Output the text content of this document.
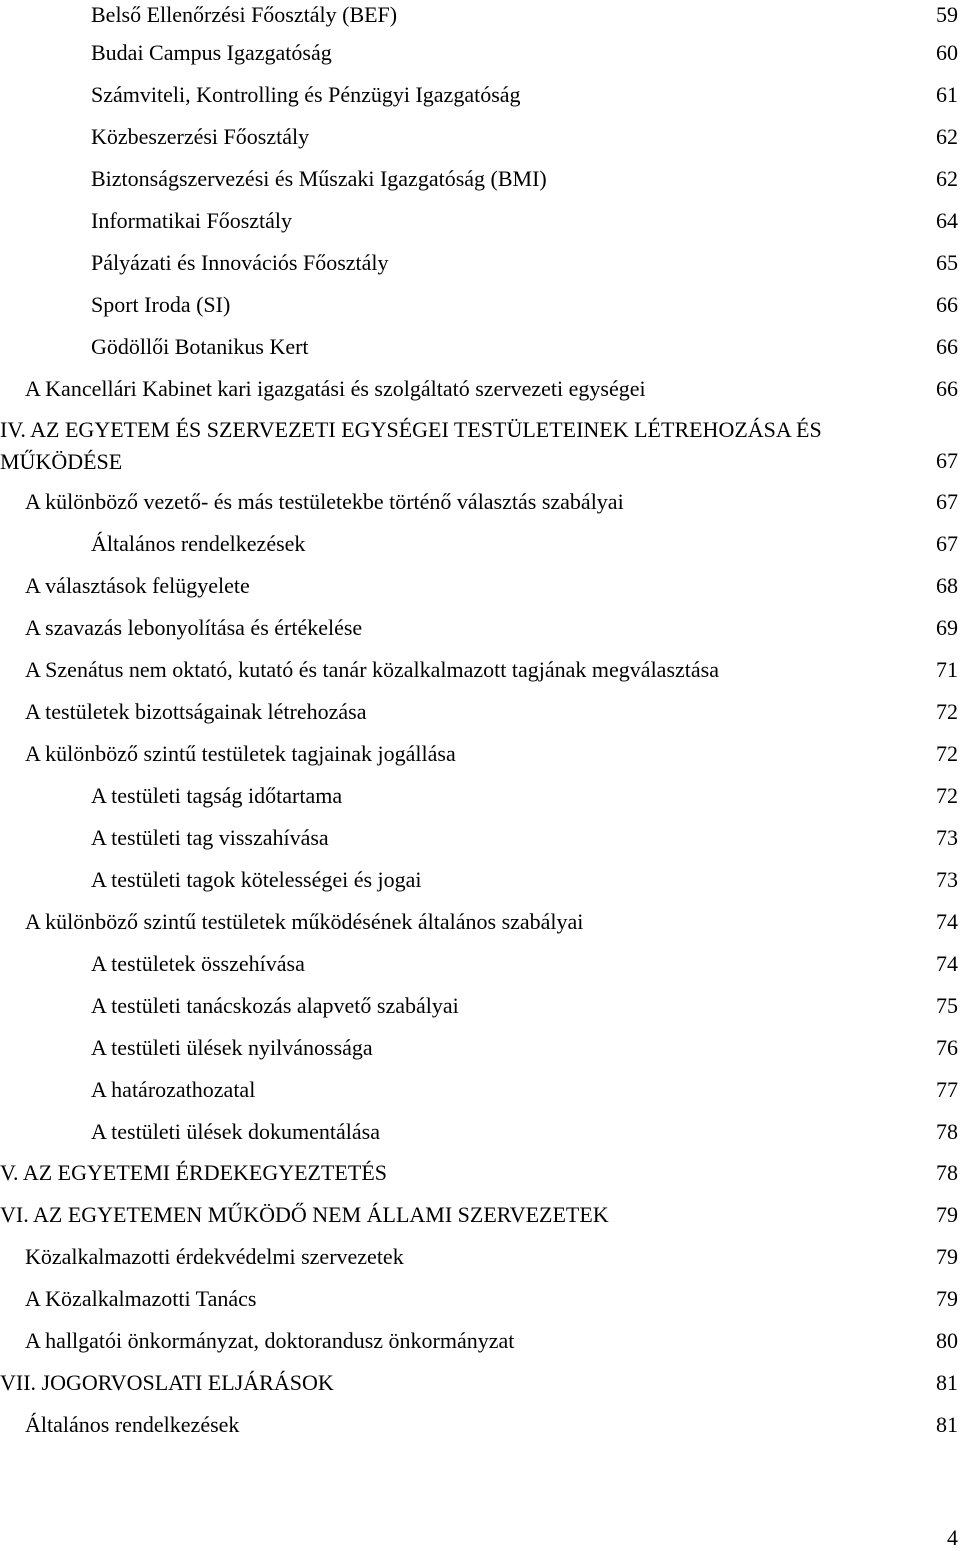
Belső Ellenőrzési Főosztály (BEF)	59
Budai Campus Igazgatóság	60
Számviteli, Kontrolling és Pénzügyi Igazgatóság	61
Közbeszerzési Főosztály	62
Biztonságszervezési és Műszaki Igazgatóság (BMI)	62
Informatikai Főosztály	64
Pályázati és Innovációs Főosztály	65
Sport Iroda (SI)	66
Gödöllői Botanikus Kert	66
A Kancellári Kabinet kari igazgatási és szolgáltató szervezeti egységei	66
IV. AZ EGYETEM ÉS SZERVEZETI EGYSÉGEI TESTÜLETEINEK LÉTREHOZÁSA ÉS MŰKÖDÉSE	67
A különböző vezető- és más testületekbe történő választás szabályai	67
Általános rendelkezések	67
A választások felügyelete	68
A szavazás lebonyolítása és értékelése	69
A Szenátus nem oktató, kutató és tanár közalkalmazott tagjának megválasztása	71
A testületek bizottságainak létrehozása	72
A különböző szintű testületek tagjainak jogállása	72
A testületi tagság időtartama	72
A testületi tag visszahívása	73
A testületi tagok kötelességei és jogai	73
A különböző szintű testületek működésének általános szabályai	74
A testületek összehívása	74
A testületi tanácskozás alapvető szabályai	75
A testületi ülések nyilvánossága	76
A határozathozatal	77
A testületi ülések dokumentálása	78
V. AZ EGYETEMI ÉRDEKEGYEZTETÉS	78
VI. AZ EGYETEMEN MŰKÖDŐ NEM ÁLLAMI SZERVEZETEK	79
Közalkalmazotti érdekvédelmi szervezetek	79
A Közalkalmazotti Tanács	79
A hallgatói önkormányzat, doktorandusz önkormányzat	80
VII. JOGORVOSLATI ELJÁRÁSOK	81
Általános rendelkezések	81
4
